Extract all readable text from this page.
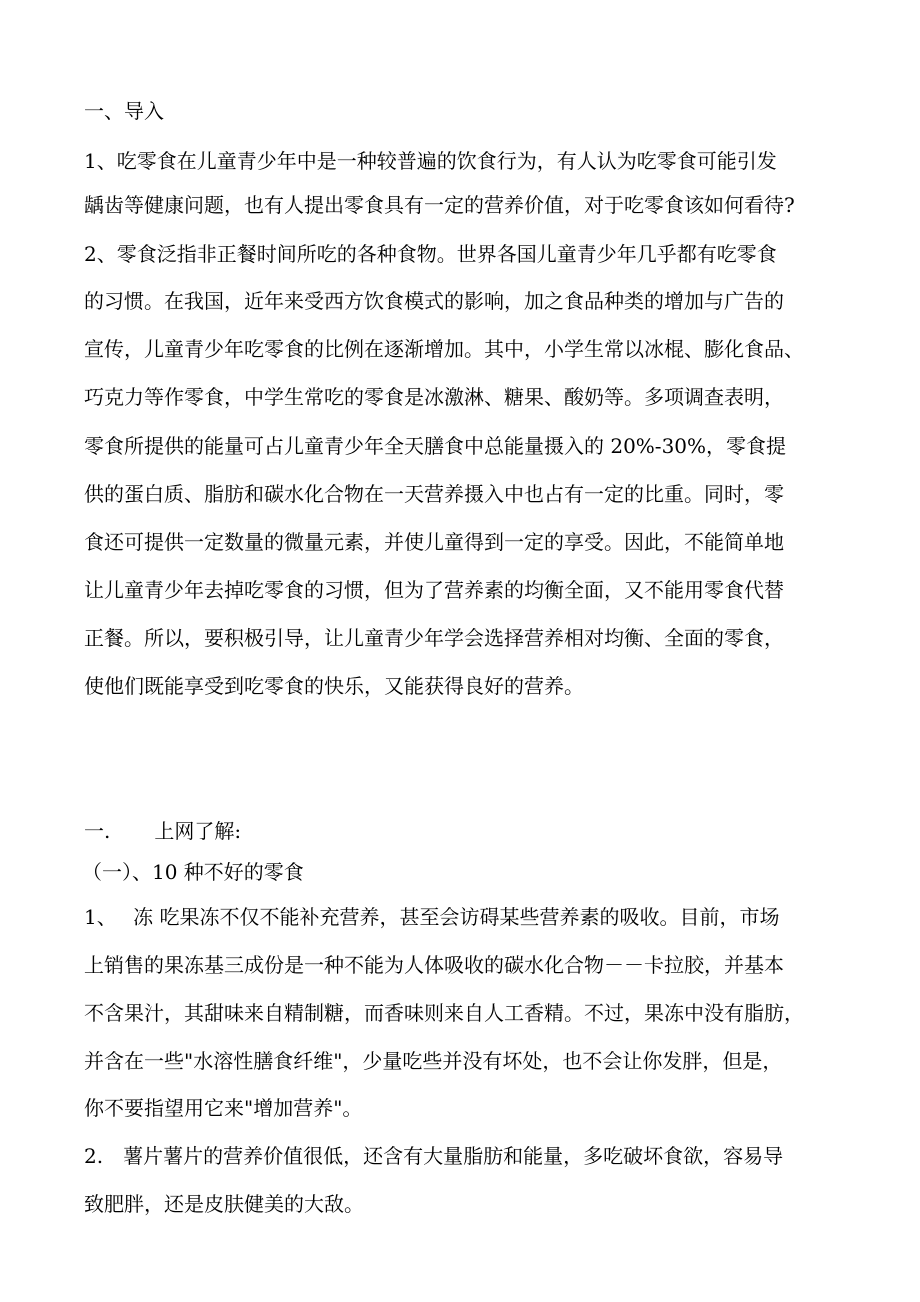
一、导入
1、吃零食在儿童青少年中是一种较普遍的饮食行为，有人认为吃零食可能引发
龋齿等健康问题，也有人提出零食具有一定的营养价值，对于吃零食该如何看待?
2、零食泛指非正餐时间所吃的各种食物。世界各国儿童青少年几乎都有吃零食
的习惯。在我国，近年来受西方饮食模式的影响，加之食品种类的增加与广告的
宣传，儿童青少年吃零食的比例在逐渐增加。其中，小学生常以冰棍、膨化食品、
巧克力等作零食，中学生常吃的零食是冰激淋、糖果、酸奶等。多项调查表明，
零食所提供的能量可占儿童青少年全天膳食中总能量摄入的 20%-30%，零食提
供的蛋白质、脂肪和碳水化合物在一天营养摄入中也占有一定的比重。同时，零
食还可提供一定数量的微量元素，并使儿童得到一定的享受。因此，不能简单地
让儿童青少年去掉吃零食的习惯，但为了营养素的均衡全面，又不能用零食代替
正餐。所以，要积极引导，让儿童青少年学会选择营养相对均衡、全面的零食，
使他们既能享受到吃零食的快乐，又能获得良好的营养。
一. 上网了解:
（一）、10 种不好的零食
1、　 冻 吃果冻不仅不能补充营养，甚至会访碍某些营养素的吸收。目前，市场
上销售的果冻基三成份是一种不能为人体吸收的碳水化合物－－卡拉胶，并基本
不含果汁，其甜味来自精制糖，而香味则来自人工香精。不过，果冻中没有脂肪，
并含在一些"水溶性膳食纤维"，少量吃些并没有坏处，也不会让你发胖，但是，
你不要指望用它来"增加营养"。
2.　薯片薯片的营养价值很低，还含有大量脂肪和能量，多吃破坏食欲，容易导
致肥胖，还是皮肤健美的大敌。
